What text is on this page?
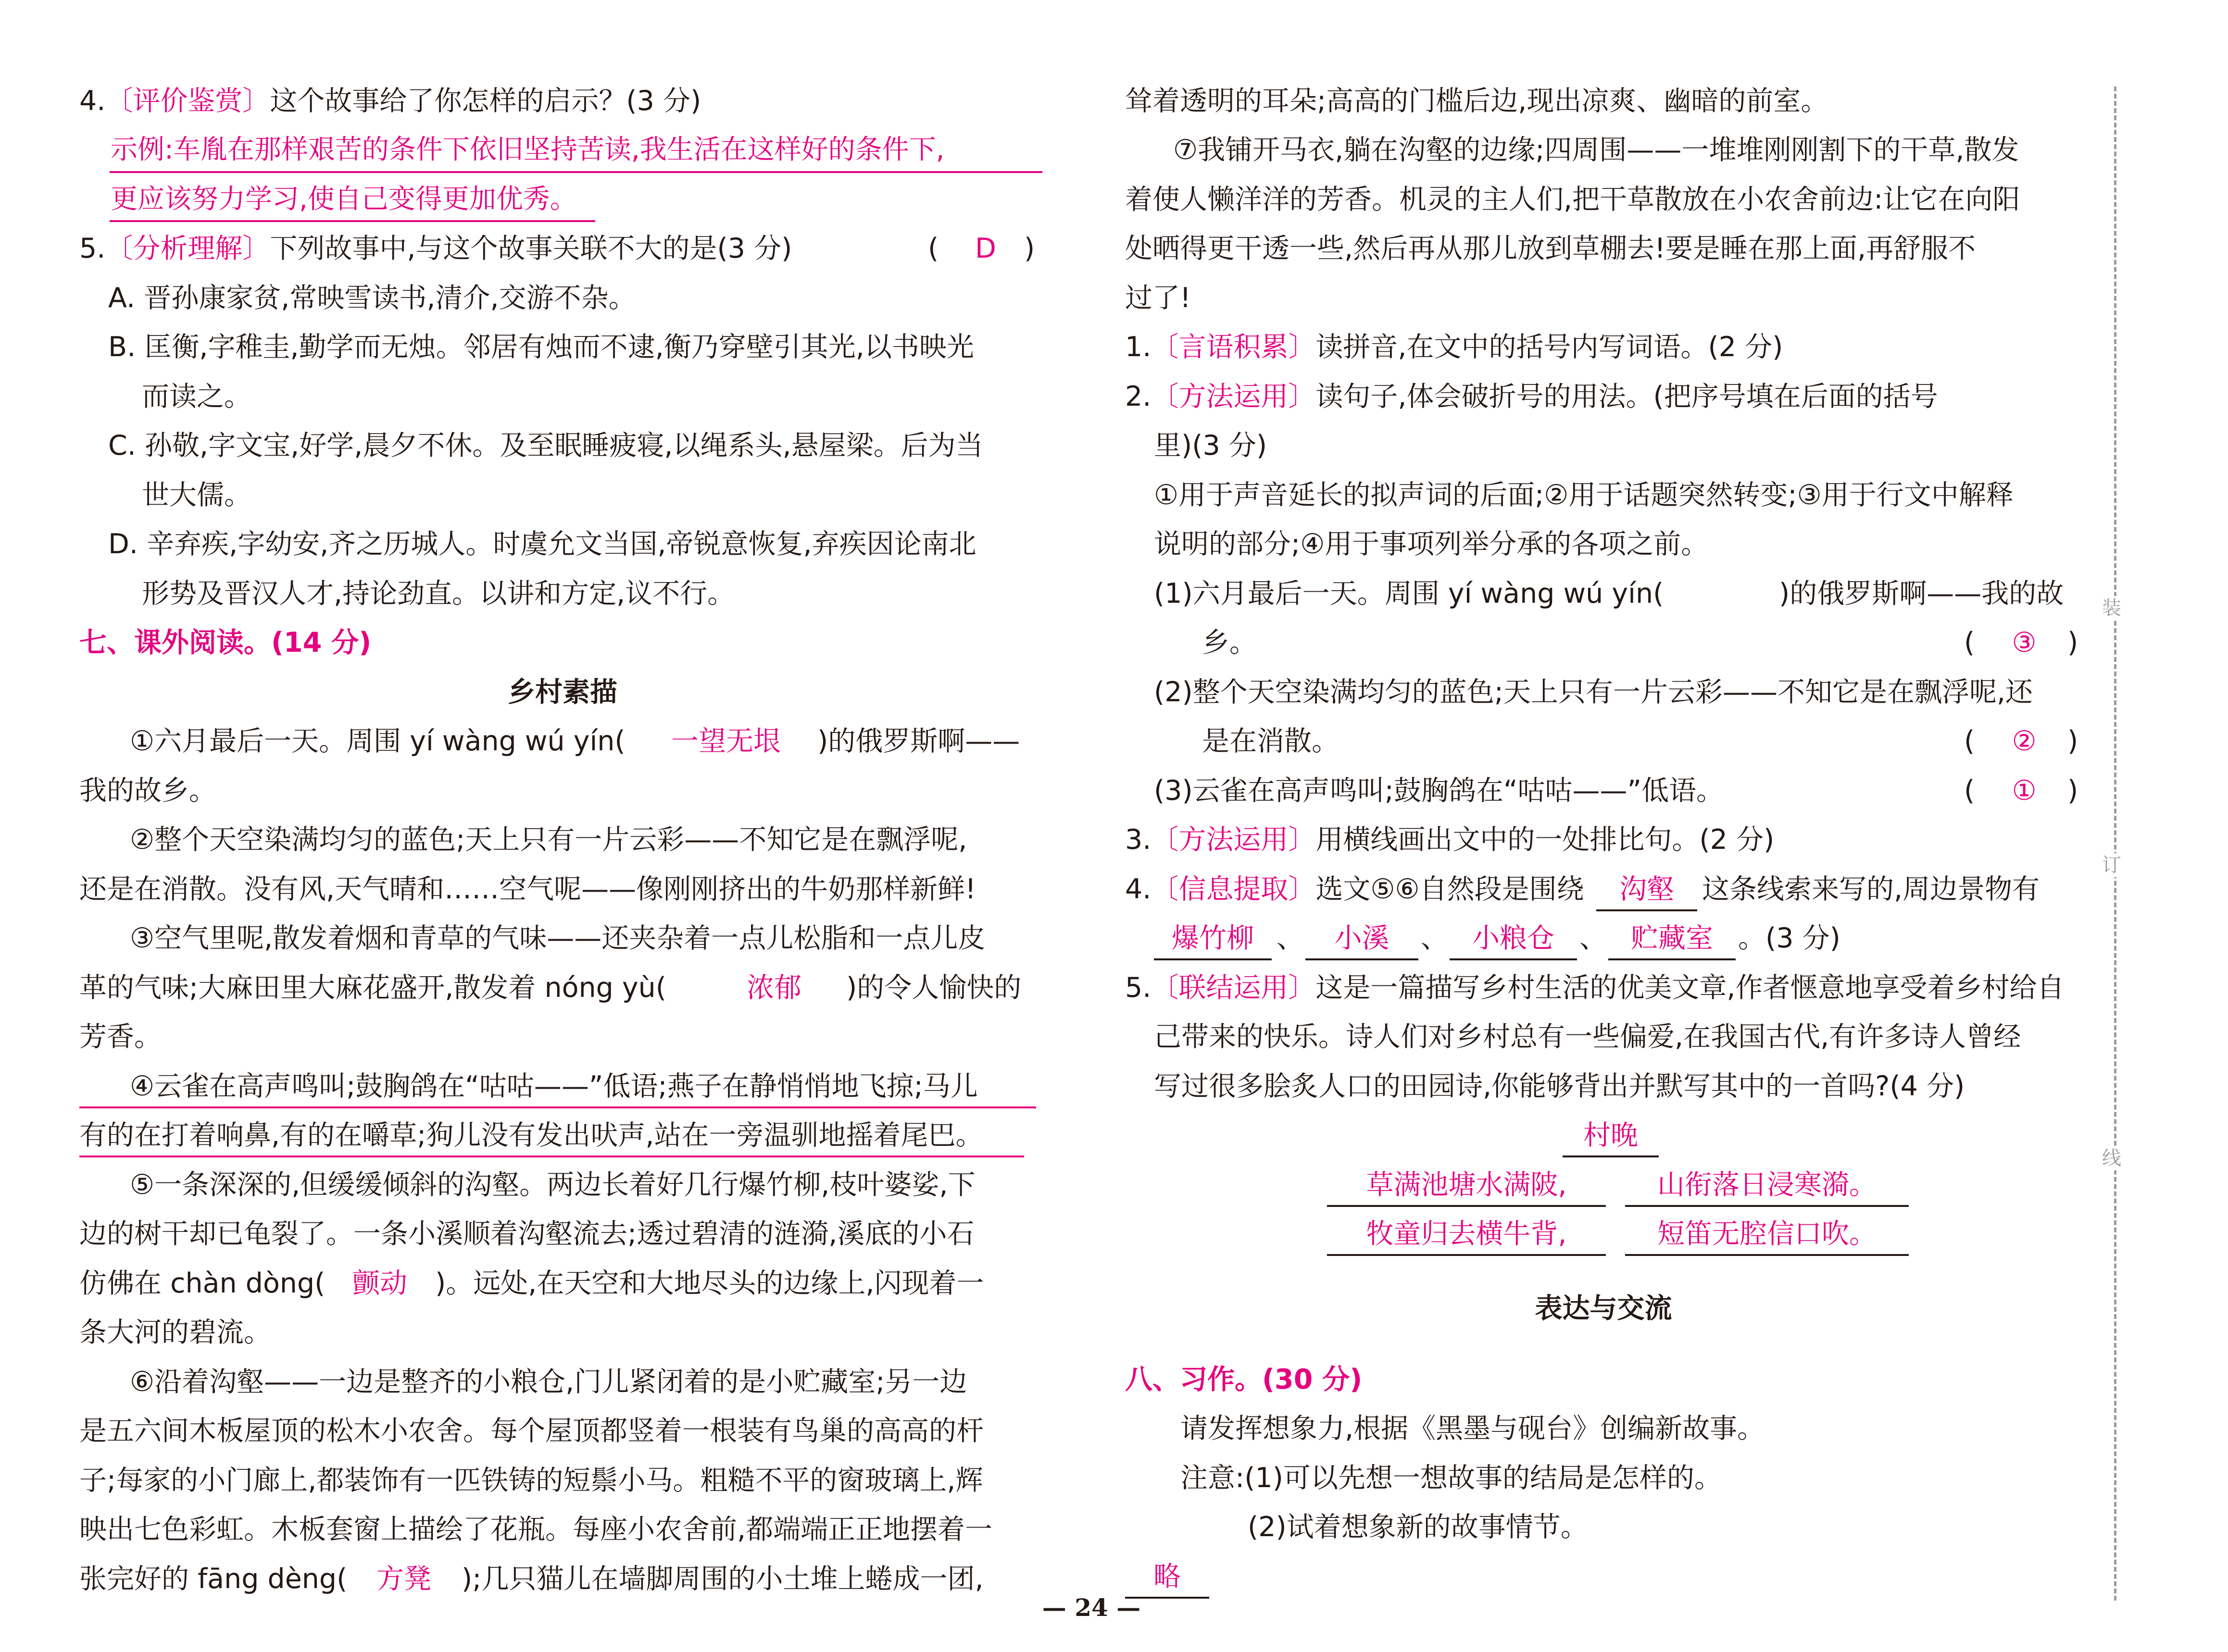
4.〔评价鉴赏〕这个故事给了你怎样的启示？(3 分)
示例:车胤在那样艰苦的条件下依旧坚持苦读,我生活在这样好的条件下,
更应该努力学习,使自己变得更加优秀。
5.〔分析理解〕下列故事中,与这个故事关联不大的是(3 分)	(	D	)
A. 晋孙康家贫,常映雪读书,清介,交游不杂。
B. 匡衡,字稚圭,勤学而无烛。邻居有烛而不逮,衡乃穿壁引其光,以书映光
而读之。
C. 孙敬,字文宝,好学,晨夕不休。及至眠睡疲寝,以绳系头,悬屋梁。后为当
世大儒。
D. 辛弃疾,字幼安,齐之历城人。时虞允文当国,帝锐意恢复,弃疾因论南北
形势及晋汉人才,持论劲直。以讲和方定,议不行。
七、课外阅读。(14 分)
乡村素描
①六月最后一天。周围 yí wàng wú yín(	一望无垠	)的俄罗斯啊——
我的故乡。
②整个天空染满均匀的蓝色;天上只有一片云彩——不知它是在飘浮呢,
还是在消散。没有风,天气晴和……空气呢——像刚刚挤出的牛奶那样新鲜!
③空气里呢,散发着烟和青草的气味——还夹杂着一点儿松脂和一点儿皮
革的气味;大麻田里大麻花盛开,散发着 nóng yù(	浓郁	)的令人愉快的
芳香。
④云雀在高声鸣叫;鼓胸鸽在“咕咕——”低语;燕子在静悄悄地飞掠;马儿
有的在打着响鼻,有的在嚼草;狗儿没有发出吠声,站在一旁温驯地摇着尾巴。
⑤一条深深的,但缓缓倾斜的沟壑。两边长着好几行爆竹柳,枝叶婆娑,下
边的树干却已龟裂了。一条小溪顺着沟壑流去;透过碧清的涟漪,溪底的小石
仿佛在 chàn dòng( 颤动	)。远处,在天空和大地尽头的边缘上,闪现着一
条大河的碧流。
⑥沿着沟壑——一边是整齐的小粮仓,门儿紧闭着的是小贮藏室;另一边
是五六间木板屋顶的松木小农舍。每个屋顶都竖着一根装有鸟巢的高高的杆
子;每家的小门廊上,都装饰有一匹铁铸的短鬃小马。粗糙不平的窗玻璃上,辉
映出七色彩虹。木板套窗上描绘了花瓶。每座小农舍前,都端端正正地摆着一
张完好的 fāng dèng(	方凳	);几只猫儿在墙脚周围的小土堆上蜷成一团,
耸着透明的耳朵;高高的门槛后边,现出凉爽、幽暗的前室。
⑦我铺开马衣,躺在沟壑的边缘;四周围——一堆堆刚刚割下的干草,散发
着使人懒洋洋的芳香。机灵的主人们,把干草散放在小农舍前边:让它在向阳
处晒得更干透一些,然后再从那儿放到草棚去!要是睡在那上面,再舒服不
过了!
1.〔言语积累〕读拼音,在文中的括号内写词语。(2 分)
2.〔方法运用〕读句子,体会破折号的用法。(把序号填在后面的括号
里)(3 分)
①用于声音延长的拟声词的后面;②用于话题突然转变;③用于行文中解释
说明的部分;④用于事项列举分承的各项之前。
(1)六月最后一天。周围 yí wàng wú yín(	)的俄罗斯啊——我的故
乡。	(	③	)
(2)整个天空染满均匀的蓝色;天上只有一片云彩——不知它是在飘浮呢,还
是在消散。	(	②	)
(3)云雀在高声鸣叫;鼓胸鸽在“咕咕——”低语。	(	①	)
3.〔方法运用〕用横线画出文中的一处排比句。(2 分)
4.〔信息提取〕选文⑤⑥自然段是围绕	沟壑	这条线索来写的,周边景物有
爆竹柳 、	小溪	、 小粮仓 、 贮藏室 。(3 分)
5.〔联结运用〕这是一篇描写乡村生活的优美文章,作者惬意地享受着乡村给自
己带来的快乐。诗人们对乡村总有一些偏爱,在我国古代,有许多诗人曾经
写过很多脍炙人口的田园诗,你能够背出并默写其中的一首吗?(4 分)
村晚
草满池塘水满陂,	山衔落日浸寒漪。
牧童归去横牛背,	短笛无腔信口吹。
表达与交流
八、习作。(30 分)
请发挥想象力,根据《黑墨与砚台》创编新故事。
注意:(1)可以先想一想故事的结局是怎样的。
(2)试着想象新的故事情节。
略
— 24 —
装
订
线
